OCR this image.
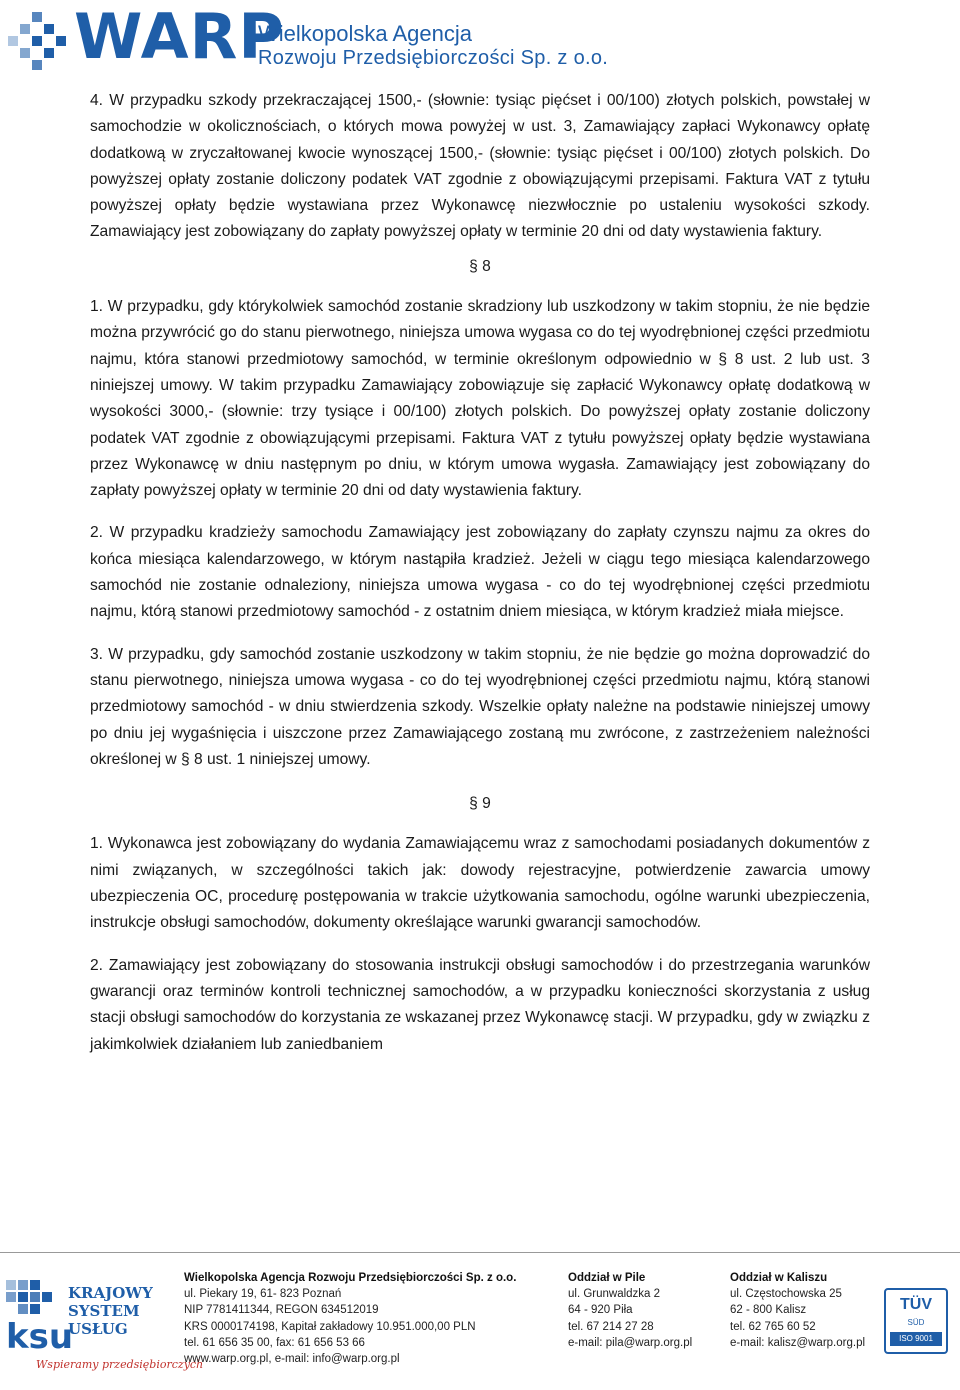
WARP
Wielkopolska Agencja
Rozwoju Przedsiębiorczości Sp. z o.o.

4. W przypadku szkody przekraczającej 1500,- (słownie: tysiąc pięćset i 00/100) złotych polskich, powstałej w samochodzie w okolicznościach, o których mowa powyżej w ust. 3, Zamawiający zapłaci Wykonawcy opłatę dodatkową w zryczałtowanej kwocie wynoszącej 1500,- (słownie: tysiąc pięćset i 00/100) złotych polskich. Do powyższej opłaty zostanie doliczony podatek VAT zgodnie z obowiązującymi przepisami. Faktura VAT z tytułu powyższej opłaty będzie wystawiana przez Wykonawcę niezwłocznie po ustaleniu wysokości szkody. Zamawiający jest zobowiązany do zapłaty powyższej opłaty w terminie 20 dni od daty wystawienia faktury.

§ 8

1. W przypadku, gdy którykolwiek samochód zostanie skradziony lub uszkodzony w takim stopniu, że nie będzie można przywrócić go do stanu pierwotnego, niniejsza umowa wygasa co do tej wyodrębnionej części przedmiotu najmu, która stanowi przedmiotowy samochód, w terminie określonym odpowiednio w § 8 ust. 2 lub ust. 3 niniejszej umowy. W takim przypadku Zamawiający zobowiązuje się zapłacić Wykonawcy opłatę dodatkową w wysokości 3000,- (słownie: trzy tysiące i 00/100) złotych polskich. Do powyższej opłaty zostanie doliczony podatek VAT zgodnie z obowiązującymi przepisami. Faktura VAT z tytułu powyższej opłaty będzie wystawiana przez Wykonawcę w dniu następnym po dniu, w którym umowa wygasła. Zamawiający jest zobowiązany do zapłaty powyższej opłaty w terminie 20 dni od daty wystawienia faktury.

2. W przypadku kradzieży samochodu Zamawiający jest zobowiązany do zapłaty czynszu najmu za okres do końca miesiąca kalendarzowego, w którym nastąpiła kradzież. Jeżeli w ciągu tego miesiąca kalendarzowego samochód nie zostanie odnaleziony, niniejsza umowa wygasa - co do tej wyodrębnionej części przedmiotu najmu, którą stanowi przedmiotowy samochód - z ostatnim dniem miesiąca, w którym kradzież miała miejsce.

3. W przypadku, gdy samochód zostanie uszkodzony w takim stopniu, że nie będzie go można doprowadzić do stanu pierwotnego, niniejsza umowa wygasa - co do tej wyodrębnionej części przedmiotu najmu, którą stanowi przedmiotowy samochód - w dniu stwierdzenia szkody. Wszelkie opłaty należne na podstawie niniejszej umowy po dniu jej wygaśnięcia i uiszczone przez Zamawiającego zostaną mu zwrócone, z zastrzeżeniem należności określonej w § 8 ust. 1 niniejszej umowy.

§ 9

1. Wykonawca jest zobowiązany do wydania Zamawiającemu wraz z samochodami posiadanych dokumentów z nimi związanych, w szczególności takich jak: dowody rejestracyjne, potwierdzenie zawarcia umowy ubezpieczenia OC, procedurę postępowania w trakcie użytkowania samochodu, ogólne warunki ubezpieczenia, instrukcje obsługi samochodów, dokumenty określające warunki gwarancji samochodów.

2. Zamawiający jest zobowiązany do stosowania instrukcji obsługi samochodów i do przestrzegania warunków gwarancji oraz terminów kontroli technicznej samochodów, a w przypadku konieczności skorzystania z usług stacji obsługi samochodów do korzystania ze wskazanej przez Wykonawcę stacji. W przypadku, gdy w związku z jakimkolwiek działaniem lub zaniedbaniem

ksu
KRAJOWY
SYSTEM
USŁUG
Wspieramy przedsiębiorczych
Wielkopolska Agencja Rozwoju Przedsiębiorczości Sp. z o.o.
ul. Piekary 19, 61- 823 Poznań
NIP 7781411344, REGON 634512019
KRS 0000174198, Kapitał zakładowy 10.951.000,00 PLN
tel. 61 656 35 00, fax: 61 656 53 66
www.warp.org.pl, e-mail: info@warp.org.pl
Oddział w Pile
ul. Grunwaldzka 2
64 - 920 Piła
tel. 67 214 27 28
e-mail: pila@warp.org.pl
Oddział w Kaliszu
ul. Częstochowska 25
62 - 800 Kalisz
tel. 62 765 60 52
e-mail: kalisz@warp.org.pl
TÜV
SÜD
ISO 9001
